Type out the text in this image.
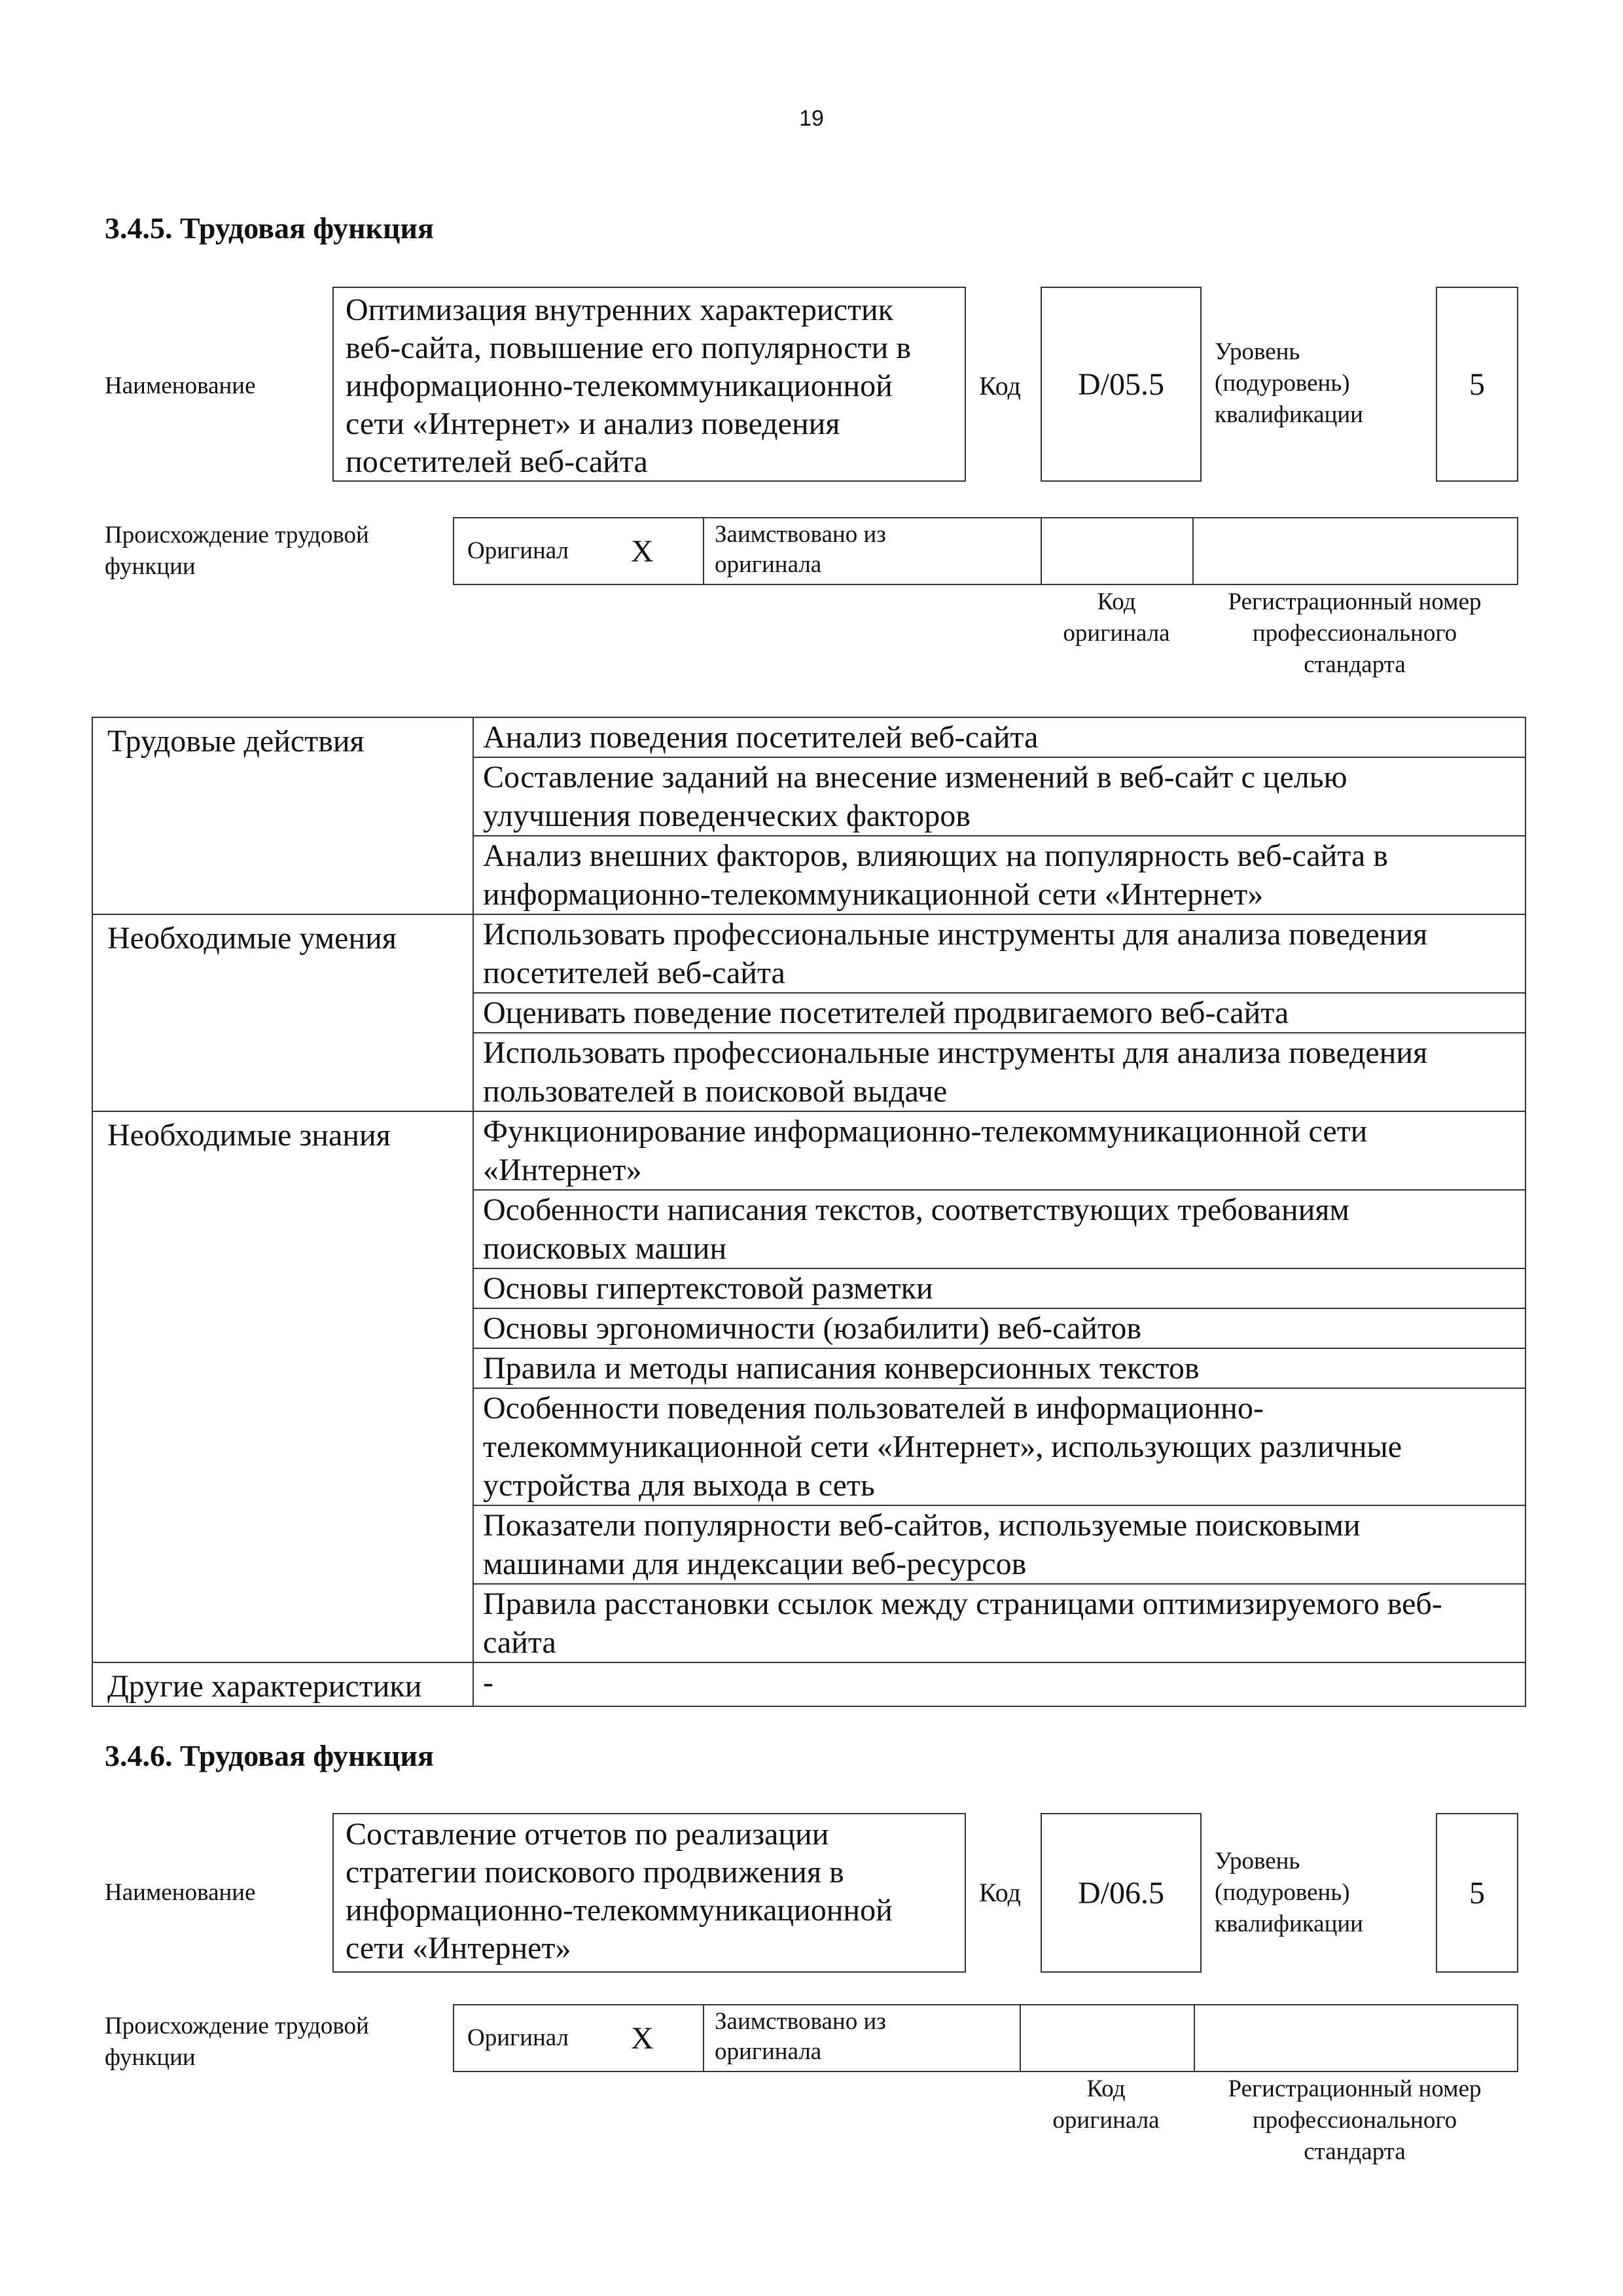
19
3.4.5. Трудовая функция
Наименование
Оптимизация внутренних характеристик
веб-сайта, повышение его популярности в
информационно-телекоммуникационной
сети «Интернет» и анализ поведения
посетителей веб-сайта
Код D/05.5
Уровень
(подуровень)
квалификации
5
Происхождение трудовой
функции
Оригинал X	Заимствовано из
оригинала
Код
оригинала
Регистрационный номер
профессионального
стандарта
Трудовые действия	Анализ поведения посетителей веб-сайта

	Составление заданий на внесение изменений в веб-сайт с целью
улучшения поведенческих факторов

	Анализ внешних факторов, влияющих на популярность веб-сайта в
информационно-телекоммуникационной сети «Интернет»

Необходимые умения	Использовать профессиональные инструменты для анализа поведения
посетителей веб-сайта

	Оценивать поведение посетителей продвигаемого веб-сайта

	Использовать профессиональные инструменты для анализа поведения
пользователей в поисковой выдаче

Необходимые знания	Функционирование информационно-телекоммуникационной сети
«Интернет»

	Особенности написания текстов, соответствующих требованиям
поисковых машин

	Основы гипертекстовой разметки

	Основы эргономичности (юзабилити) веб-сайтов

	Правила и методы написания конверсионных текстов

	Особенности поведения пользователей в информационно-
телекоммуникационной сети «Интернет», использующих различные
устройства для выхода в сеть

	Показатели популярности веб-сайтов, используемые поисковыми
машинами для индексации веб-ресурсов

	Правила расстановки ссылок между страницами оптимизируемого веб-
сайта

Другие характеристики	-
3.4.6. Трудовая функция
Наименование
Составление отчетов по реализации
стратегии поискового продвижения в
информационно-телекоммуникационной
сети «Интернет»
Код D/06.5
Уровень
(подуровень)
квалификации
5
Происхождение трудовой
функции
Оригинал X	Заимствовано из
оригинала
Код
оригинала
Регистрационный номер
профессионального
стандарта
